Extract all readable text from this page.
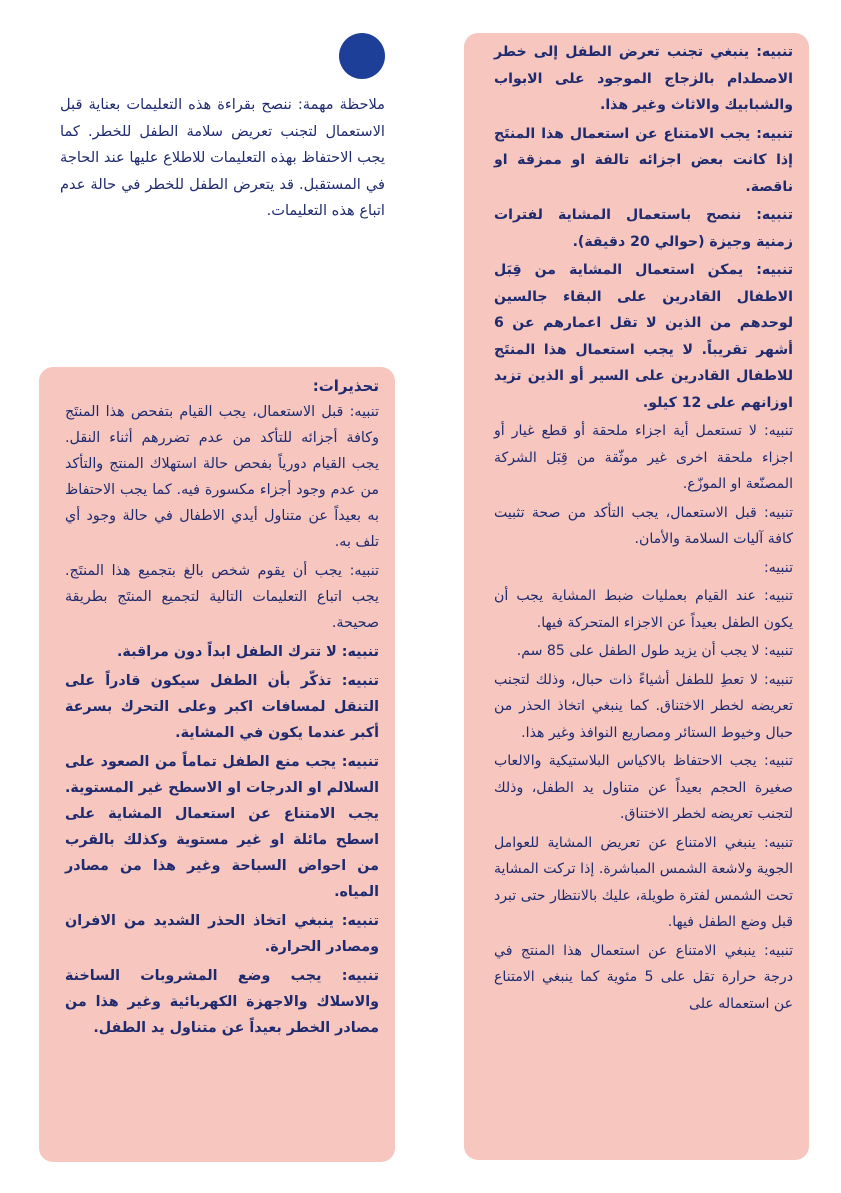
ملاحظة مهمة: ننصح بقراءة هذه التعليمات بعناية قبل الاستعمال لتجنب تعريض سلامة الطفل للخطر. كما يجب الاحتفاظ بهذه التعليمات للاطلاع عليها عند الحاجة في المستقبل. قد يتعرض الطفل للخطر في حالة عدم اتباع هذه التعليمات.

تحذيرات:
• تنبيه: قبل الاستعمال، يجب القيام بتفحص هذا المنتَج وكافة أجزائه للتأكد من عدم تضررهم أثناء النقل. يجب القيام دورياً بفحص حالة استهلاك المنتج والتأكد من عدم وجود أجزاء مكسورة فيه. كما يجب الاحتفاظ به بعيداً عن متناول أيدي الاطفال في حالة وجود أي تلف به.
• تنبيه: يجب أن يقوم شخص بالغ بتجميع هذا المنتَج. يجب اتباع التعليمات التالية لتجميع المنتَج بطريقة صحيحة.
• تنبيه: لا تترك الطفل ابداً دون مراقبة.
• تنبيه: تذكّر بأن الطفل سيكون قادراً على التنقل لمسافات اكبر وعلى التحرك بسرعة أكبر عندما يكون في المشاية.
• تنبيه: يجب منع الطفل تماماً من الصعود على السلالم او الدرجات او الاسطح غير المستوية. يجب الامتناع عن استعمال المشاية على اسطح مائلة او غير مستوية وكذلك بالقرب من احواض السباحة وغير هذا من مصادر المياه.
• تنبيه: ينبغي اتخاذ الحذر الشديد من الافران ومصادر الحرارة.
• تنبيه: يجب وضع المشروبات الساخنة والاسلاك والاجهزة الكهربائية وغير هذا من مصادر الخطر بعيداً عن متناول يد الطفل.
• تنبيه: ينبغي تجنب تعرض الطفل إلى خطر الاصطدام بالزجاج الموجود على الابواب والشبابيك والاثاث وغير هذا.
• تنبيه: يجب الامتناع عن استعمال هذا المنتَج إذا كانت بعض اجزائه تالفة او ممزقة او ناقصة.
• تنبيه: ننصح باستعمال المشاية لفترات زمنية وجيزة (حوالي 20 دقيقة).
• تنبيه: يمكن استعمال المشاية من قِبَل الاطفال القادرين على البقاء جالسين لوحدهم من الذين لا تقل اعمارهم عن 6 أشهر تقريباً. لا يجب استعمال هذا المنتَج للاطفال القادرين على السير أو الذين تزيد اوزانهم على 12 كيلو.
• تنبيه: لا تستعمل أية اجزاء ملحقة أو قطع غيار أو اجزاء ملحقة اخرى غير موثّقة من قِبَل الشركة المصنّعة او الموزّع.
• تنبيه: قبل الاستعمال، يجب التأكد من صحة تثبيت كافة آليات السلامة والأمان.
• تنبيه:
• تنبيه: عند القيام بعمليات ضبط المشاية يجب أن يكون الطفل بعيداً عن الاجزاء المتحركة فيها.
• تنبيه: لا يجب أن يزيد طول الطفل على 85 سم.
• تنبيه: لا تعطِ للطفل أشياءً ذات حبال، وذلك لتجنب تعريضه لخطر الاختناق. كما ينبغي اتخاذ الحذر من حبال وخيوط الستائر ومصاريع النوافذ وغير هذا.
• تنبيه: يجب الاحتفاظ بالاكياس البلاستيكية والالعاب صغيرة الحجم بعيداً عن متناول يد الطفل، وذلك لتجنب تعريضه لخطر الاختناق.
• تنبيه: ينبغي الامتناع عن تعريض المشاية للعوامل الجوية ولاشعة الشمس المباشرة. إذا تركت المشاية تحت الشمس لفترة طويلة، عليك بالانتظار حتى تبرد قبل وضع الطفل فيها.
• تنبيه: ينبغي الامتناع عن استعمال هذا المنتج في درجة حرارة تقل على 5 مئوية كما ينبغي الامتناع عن استعماله على
